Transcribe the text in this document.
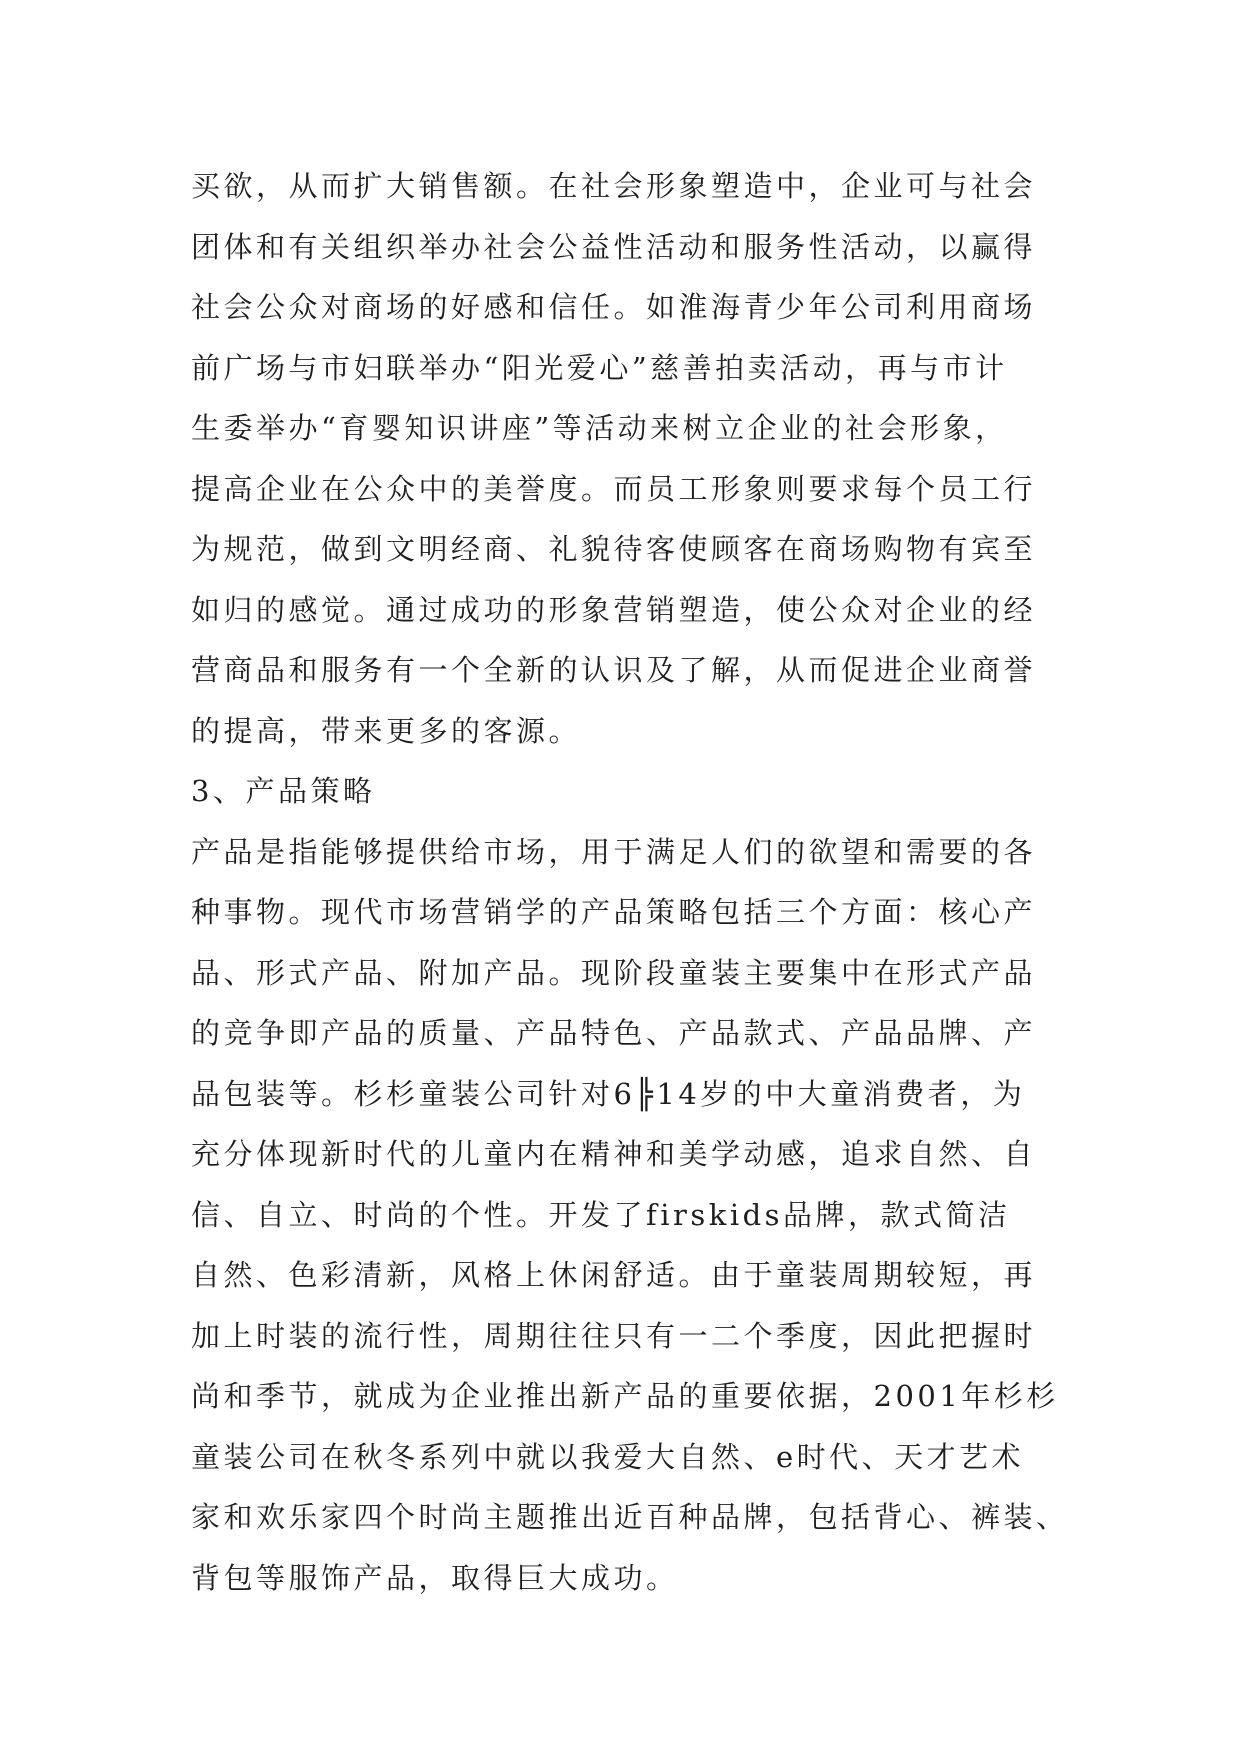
买欲，从而扩大销售额。在社会形象塑造中，企业可与社会
团体和有关组织举办社会公益性活动和服务性活动，以赢得
社会公众对商场的好感和信任。如淮海青少年公司利用商场
前广场与市妇联举办“阳光爱心”慈善拍卖活动，再与市计
生委举办“育婴知识讲座”等活动来树立企业的社会形象，
提高企业在公众中的美誉度。而员工形象则要求每个员工行
为规范，做到文明经商、礼貌待客使顾客在商场购物有宾至
如归的感觉。通过成功的形象营销塑造，使公众对企业的经
营商品和服务有一个全新的认识及了解，从而促进企业商誉
的提高，带来更多的客源。
3、产品策略
产品是指能够提供给市场，用于满足人们的欲望和需要的各
种事物。现代市场营销学的产品策略包括三个方面：核心产
品、形式产品、附加产品。现阶段童装主要集中在形式产品
的竞争即产品的质量、产品特色、产品款式、产品品牌、产
品包装等。杉杉童装公司针对6╠14岁的中大童消费者，为
充分体现新时代的儿童内在精神和美学动感，追求自然、自
信、自立、时尚的个性。开发了firskids品牌，款式简洁
自然、色彩清新，风格上休闲舒适。由于童装周期较短，再
加上时装的流行性，周期往往只有一二个季度，因此把握时
尚和季节，就成为企业推出新产品的重要依据，2001年杉杉
童装公司在秋冬系列中就以我爱大自然、e时代、天才艺术
家和欢乐家四个时尚主题推出近百种品牌，包括背心、裤装、
背包等服饰产品，取得巨大成功。
